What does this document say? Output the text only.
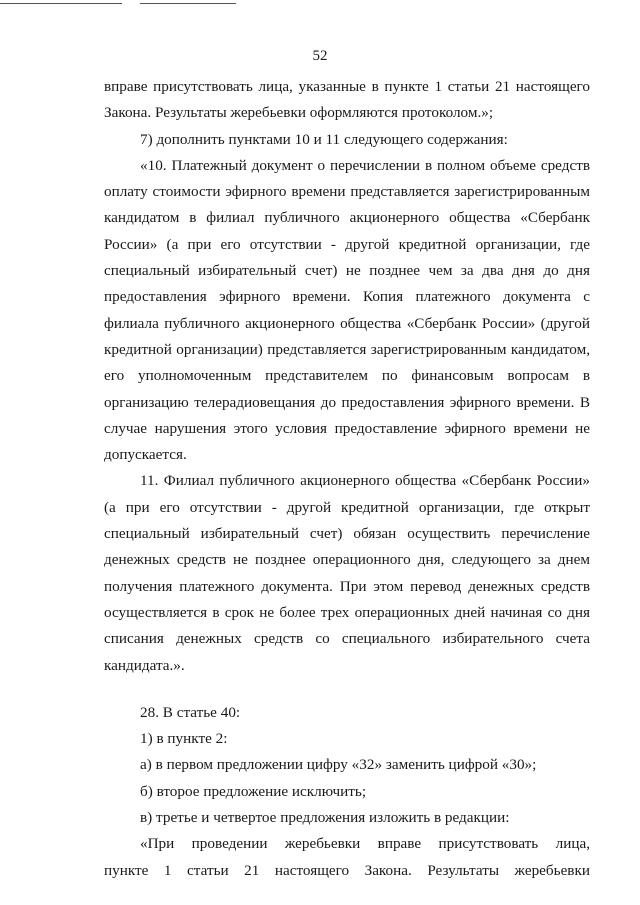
52
вправе присутствовать лица, указанные в пункте 1 статьи 21 настоящего
Закона. Результаты жеребьевки оформляются протоколом.»;
7) дополнить пунктами 10 и 11 следующего содержания:
«10. Платежный документ о перечислении в полном объеме средств
оплату стоимости эфирного времени представляется зарегистрированным
кандидатом в филиал публичного акционерного общества «Сбербанк
России» (а при его отсутствии - другой кредитной организации, где
специальный избирательный счет) не позднее чем за два дня до дня
предоставления эфирного времени. Копия платежного документа с
филиала публичного акционерного общества «Сбербанк России» (другой
кредитной организации) представляется зарегистрированным кандидатом,
его уполномоченным представителем по финансовым вопросам в
организацию телерадиовещания до предоставления эфирного времени. В
случае нарушения этого условия предоставление эфирного времени не
допускается.
11. Филиал публичного акционерного общества «Сбербанк России»
(а при его отсутствии - другой кредитной организации, где открыт
специальный избирательный счет) обязан осуществить перечисление
денежных средств не позднее операционного дня, следующего за днем
получения платежного документа. При этом перевод денежных средств
осуществляется в срок не более трех операционных дней начиная со дня
списания денежных средств со специального избирательного счета
кандидата.».
28. В статье 40:
1) в пункте 2:
а) в первом предложении цифру «32» заменить цифрой «30»;
б) второе предложение исключить;
в) третье и четвертое предложения изложить в редакции:
«При проведении жеребьевки вправе присутствовать лица,
пункте 1 статьи 21 настоящего Закона. Результаты жеребьевки
